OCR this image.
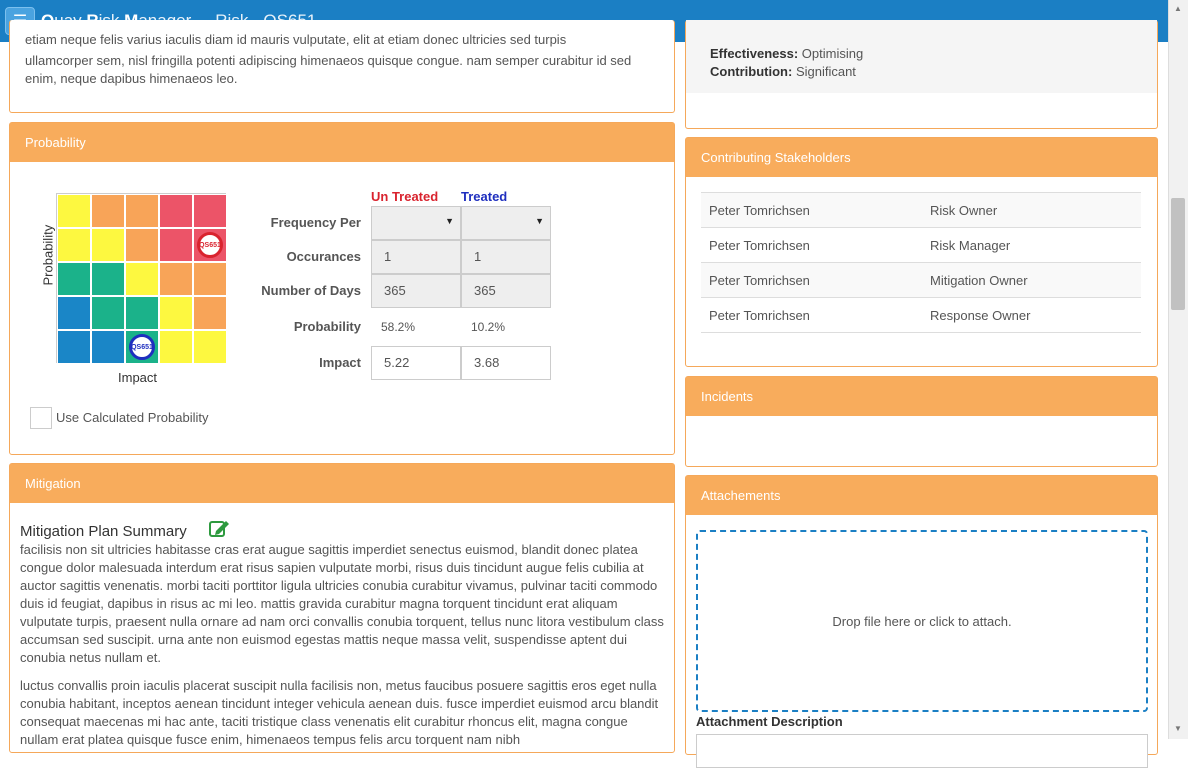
▲
▼
etiam neque felis varius iaculis diam id mauris vulputate, elit at etiam donec ultricies sed turpis
ullamcorper sem, nisl fringilla potenti adipiscing himenaeos quisque congue. nam semper curabitur id sed enim, neque dapibus himenaeos leo.
Effectiveness: Optimising
Contribution: Significant
Probability
Probability
Impact
Un Treated Treated
Frequency Per	▼	▼
Occurances	1	1
Number of Days	365	365
Probability 58.2%	10.2%
Impact	5.22	3.68
Use Calculated Probability
QS651
QS651
Mitigation
Mitigation Plan Summary
facilisis non sit ultricies habitasse cras erat augue sagittis imperdiet senectus euismod, blandit donec platea congue dolor malesuada interdum erat risus sapien vulputate morbi, risus duis tincidunt augue felis cubilia at auctor sagittis venenatis. morbi taciti porttitor ligula ultricies conubia curabitur vivamus, pulvinar taciti commodo duis id feugiat, dapibus in risus ac mi leo. mattis gravida curabitur magna torquent tincidunt erat aliquam vulputate turpis, praesent nulla ornare ad nam orci convallis conubia torquent, tellus nunc litora vestibulum class accumsan sed suscipit. urna ante non euismod egestas mattis neque massa velit, suspendisse aptent dui conubia netus nullam et.
luctus convallis proin iaculis placerat suscipit nulla facilisis non, metus faucibus posuere sagittis eros eget nulla conubia habitant, inceptos aenean tincidunt integer vehicula aenean duis. fusce imperdiet euismod arcu blandit consequat maecenas mi hac ante, taciti tristique class venenatis elit curabitur rhoncus elit, magna congue nullam erat platea quisque fusce enim, himenaeos tempus felis arcu torquent nam nibh
Contributing Stakeholders
Peter Tomrichsen	Risk Owner
Peter Tomrichsen	Risk Manager
Peter Tomrichsen	Mitigation Owner
Peter Tomrichsen	Response Owner
Incidents
Attachements
Drop file here or click to attach.
Attachment Description
